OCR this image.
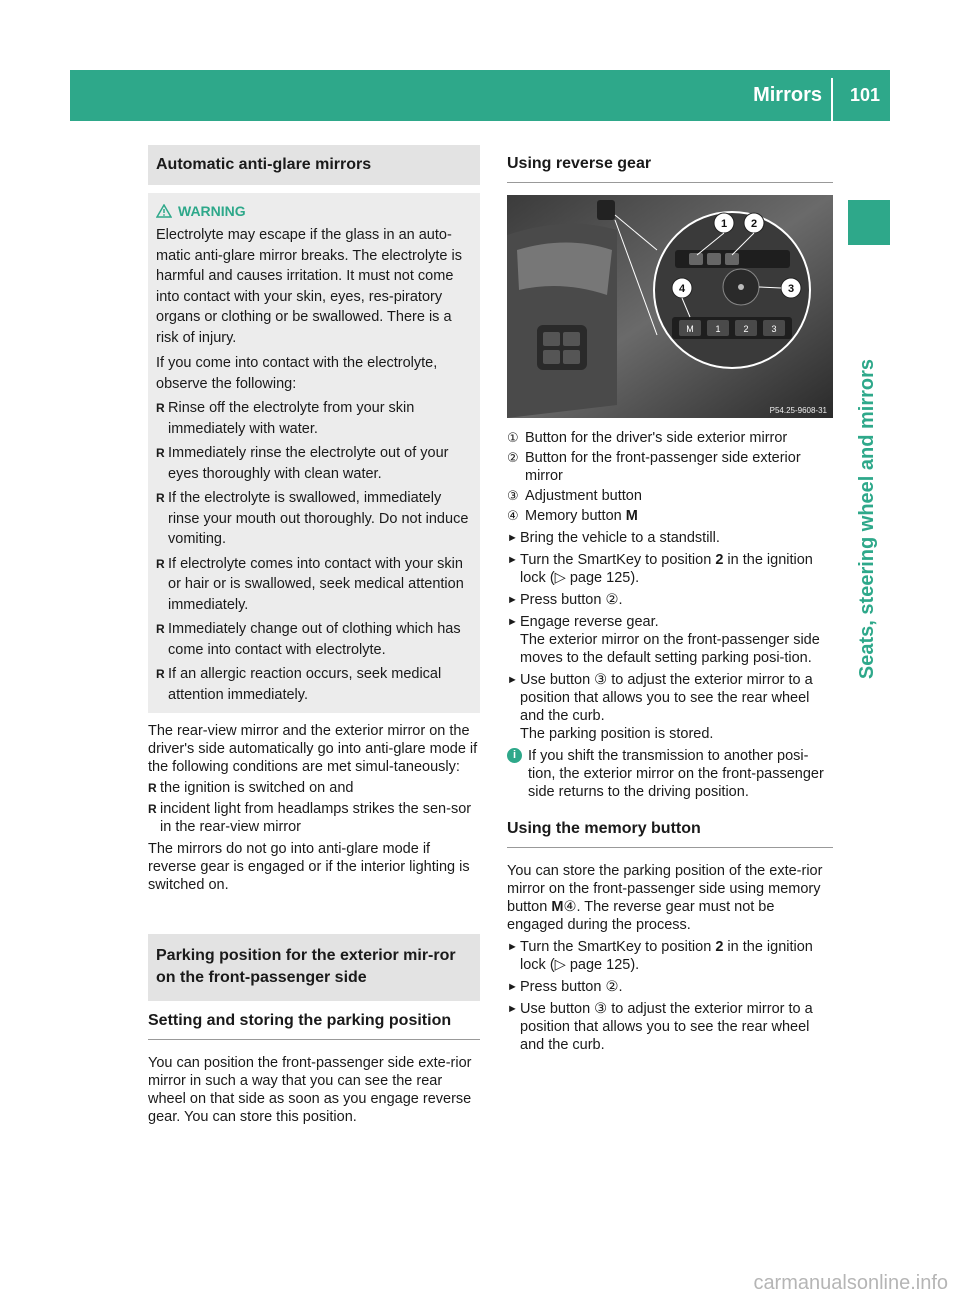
Mirrors 101
Seats, steering wheel and mirrors
Automatic anti-glare mirrors
WARNING

Electrolyte may escape if the glass in an auto-matic anti-glare mirror breaks. The electrolyte is harmful and causes irritation. It must not come into contact with your skin, eyes, res-piratory organs or clothing or be swallowed. There is a risk of injury.

If you come into contact with the electrolyte, observe the following:

R Rinse off the electrolyte from your skin immediately with water.
R Immediately rinse the electrolyte out of your eyes thoroughly with clean water.
R If the electrolyte is swallowed, immediately rinse your mouth out thoroughly. Do not induce vomiting.
R If electrolyte comes into contact with your skin or hair or is swallowed, seek medical attention immediately.
R Immediately change out of clothing which has come into contact with electrolyte.
R If an allergic reaction occurs, seek medical attention immediately.

The rear-view mirror and the exterior mirror on the driver's side automatically go into anti-glare mode if the following conditions are met simul-taneously:

R the ignition is switched on and
R incident light from headlamps strikes the sen-sor in the rear-view mirror

The mirrors do not go into anti-glare mode if reverse gear is engaged or if the interior lighting is switched on.

Parking position for the exterior mir-ror on the front-passenger side
Setting and storing the parking position

You can position the front-passenger side exte-rior mirror in such a way that you can see the rear wheel on that side as soon as you engage reverse gear. You can store this position.

Using reverse gear
M 1	2	3
1 2
3
4
P54.25-9608-31
① Button for the driver's side exterior mirror
② Button for the front-passenger side exterior mirror
③ Adjustment button
④ Memory button M
► Bring the vehicle to a standstill.
► Turn the SmartKey to position 2 in the ignition lock (▷ page 125).
► Press button ②.
► Engage reverse gear.
The exterior mirror on the front-passenger side moves to the default setting parking posi-tion.
► Use button ③ to adjust the exterior mirror to a position that allows you to see the rear wheel and the curb.
The parking position is stored.
i If you shift the transmission to another posi-tion, the exterior mirror on the front-passenger side returns to the driving position.
Using the memory button

You can store the parking position of the exte-rior mirror on the front-passenger side using memory button M④. The reverse gear must not be engaged during the process.

► Turn the SmartKey to position 2 in the ignition lock (▷ page 125).
► Press button ②.
► Use button ③ to adjust the exterior mirror to a position that allows you to see the rear wheel and the curb.
carmanualsonline.info
